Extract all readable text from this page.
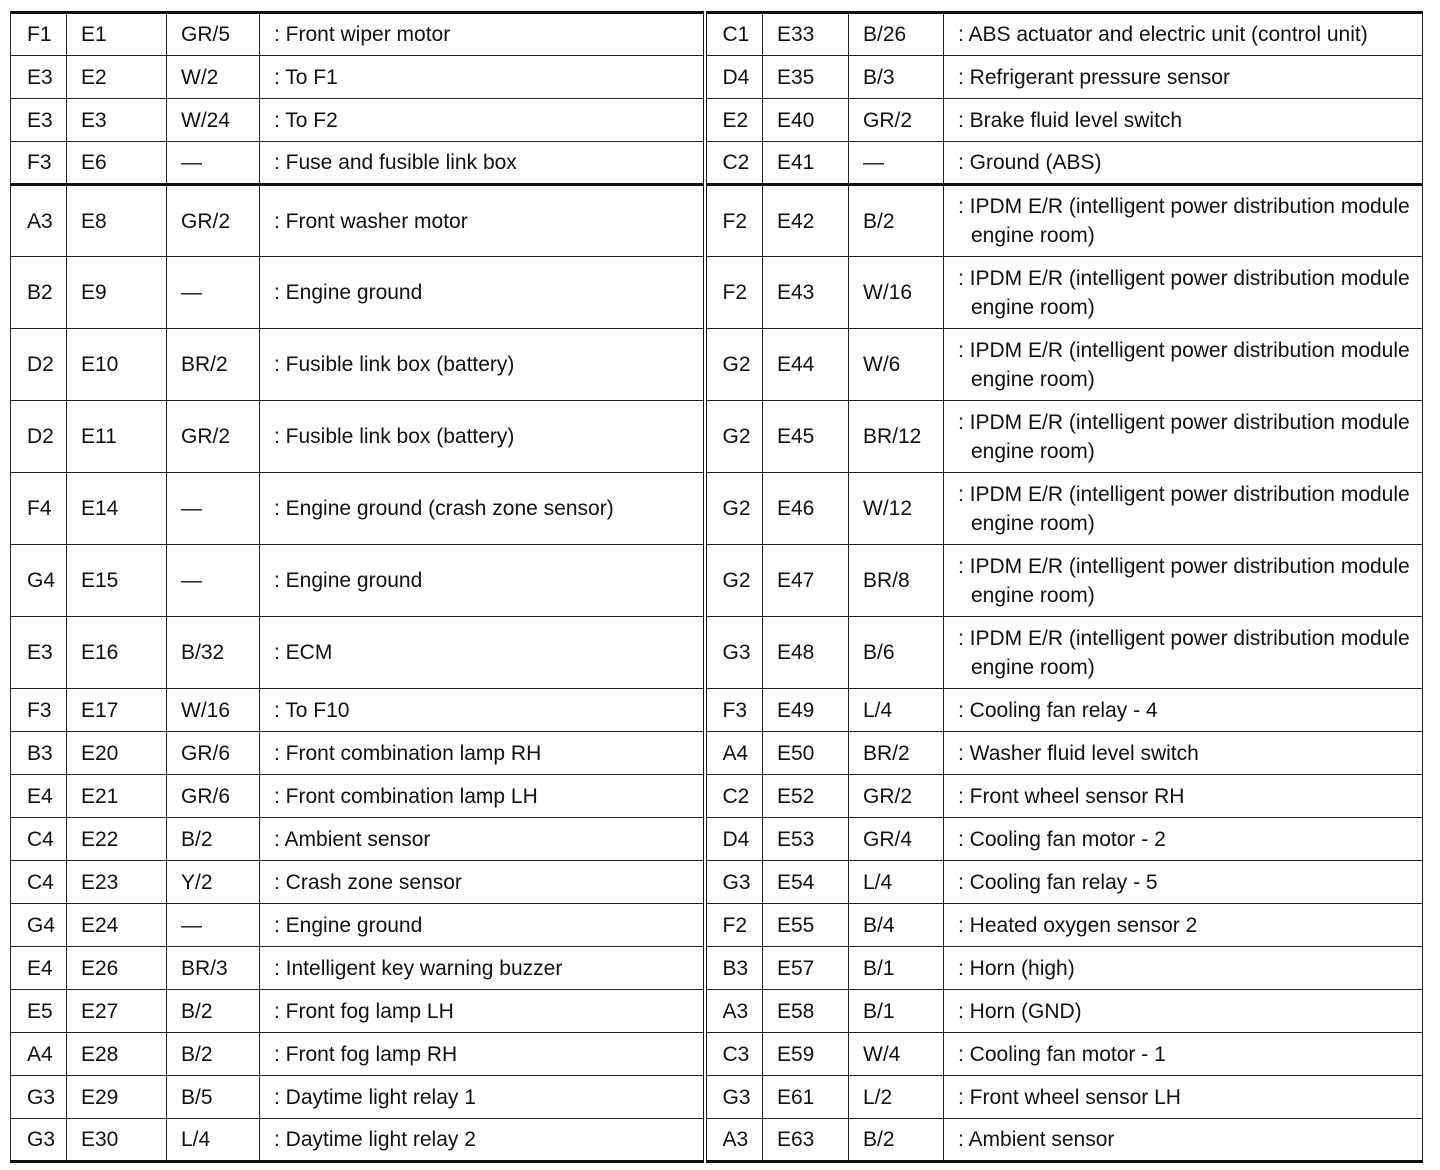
F1	E1	GR/5	: Front wiper motor	C1	E33	B/26	: ABS actuator and electric unit (control unit)

E3	E2	W/2	: To F1	D4	E35	B/3	: Refrigerant pressure sensor

E3	E3	W/24	: To F2	E2	E40	GR/2	: Brake fluid level switch

F3	E6	—	: Fuse and fusible link box	C2	E41	—	: Ground (ABS)

A3	E8	GR/2	: Front washer motor	F2	E42	B/2	: IPDM E/R (intelligent power distribution module engine room)

B2	E9	—	: Engine ground	F2	E43	W/16	: IPDM E/R (intelligent power distribution module engine room)

D2	E10	BR/2	: Fusible link box (battery)	G2	E44	W/6	: IPDM E/R (intelligent power distribution module engine room)

D2	E11	GR/2	: Fusible link box (battery)	G2	E45	BR/12	: IPDM E/R (intelligent power distribution module engine room)

F4	E14	—	: Engine ground (crash zone sensor)	G2	E46	W/12	: IPDM E/R (intelligent power distribution module engine room)

G4	E15	—	: Engine ground	G2	E47	BR/8	: IPDM E/R (intelligent power distribution module engine room)

E3	E16	B/32	: ECM	G3	E48	B/6	: IPDM E/R (intelligent power distribution module engine room)

F3	E17	W/16	: To F10	F3	E49	L/4	: Cooling fan relay - 4

B3	E20	GR/6	: Front combination lamp RH	A4	E50	BR/2	: Washer fluid level switch

E4	E21	GR/6	: Front combination lamp LH	C2	E52	GR/2	: Front wheel sensor RH

C4	E22	B/2	: Ambient sensor	D4	E53	GR/4	: Cooling fan motor - 2

C4	E23	Y/2	: Crash zone sensor	G3	E54	L/4	: Cooling fan relay - 5

G4	E24	—	: Engine ground	F2	E55	B/4	: Heated oxygen sensor 2

E4	E26	BR/3	: Intelligent key warning buzzer	B3	E57	B/1	: Horn (high)

E5	E27	B/2	: Front fog lamp LH	A3	E58	B/1	: Horn (GND)

A4	E28	B/2	: Front fog lamp RH	C3	E59	W/4	: Cooling fan motor - 1

G3	E29	B/5	: Daytime light relay 1	G3	E61	L/2	: Front wheel sensor LH

G3	E30	L/4	: Daytime light relay 2	A3	E63	B/2	: Ambient sensor
